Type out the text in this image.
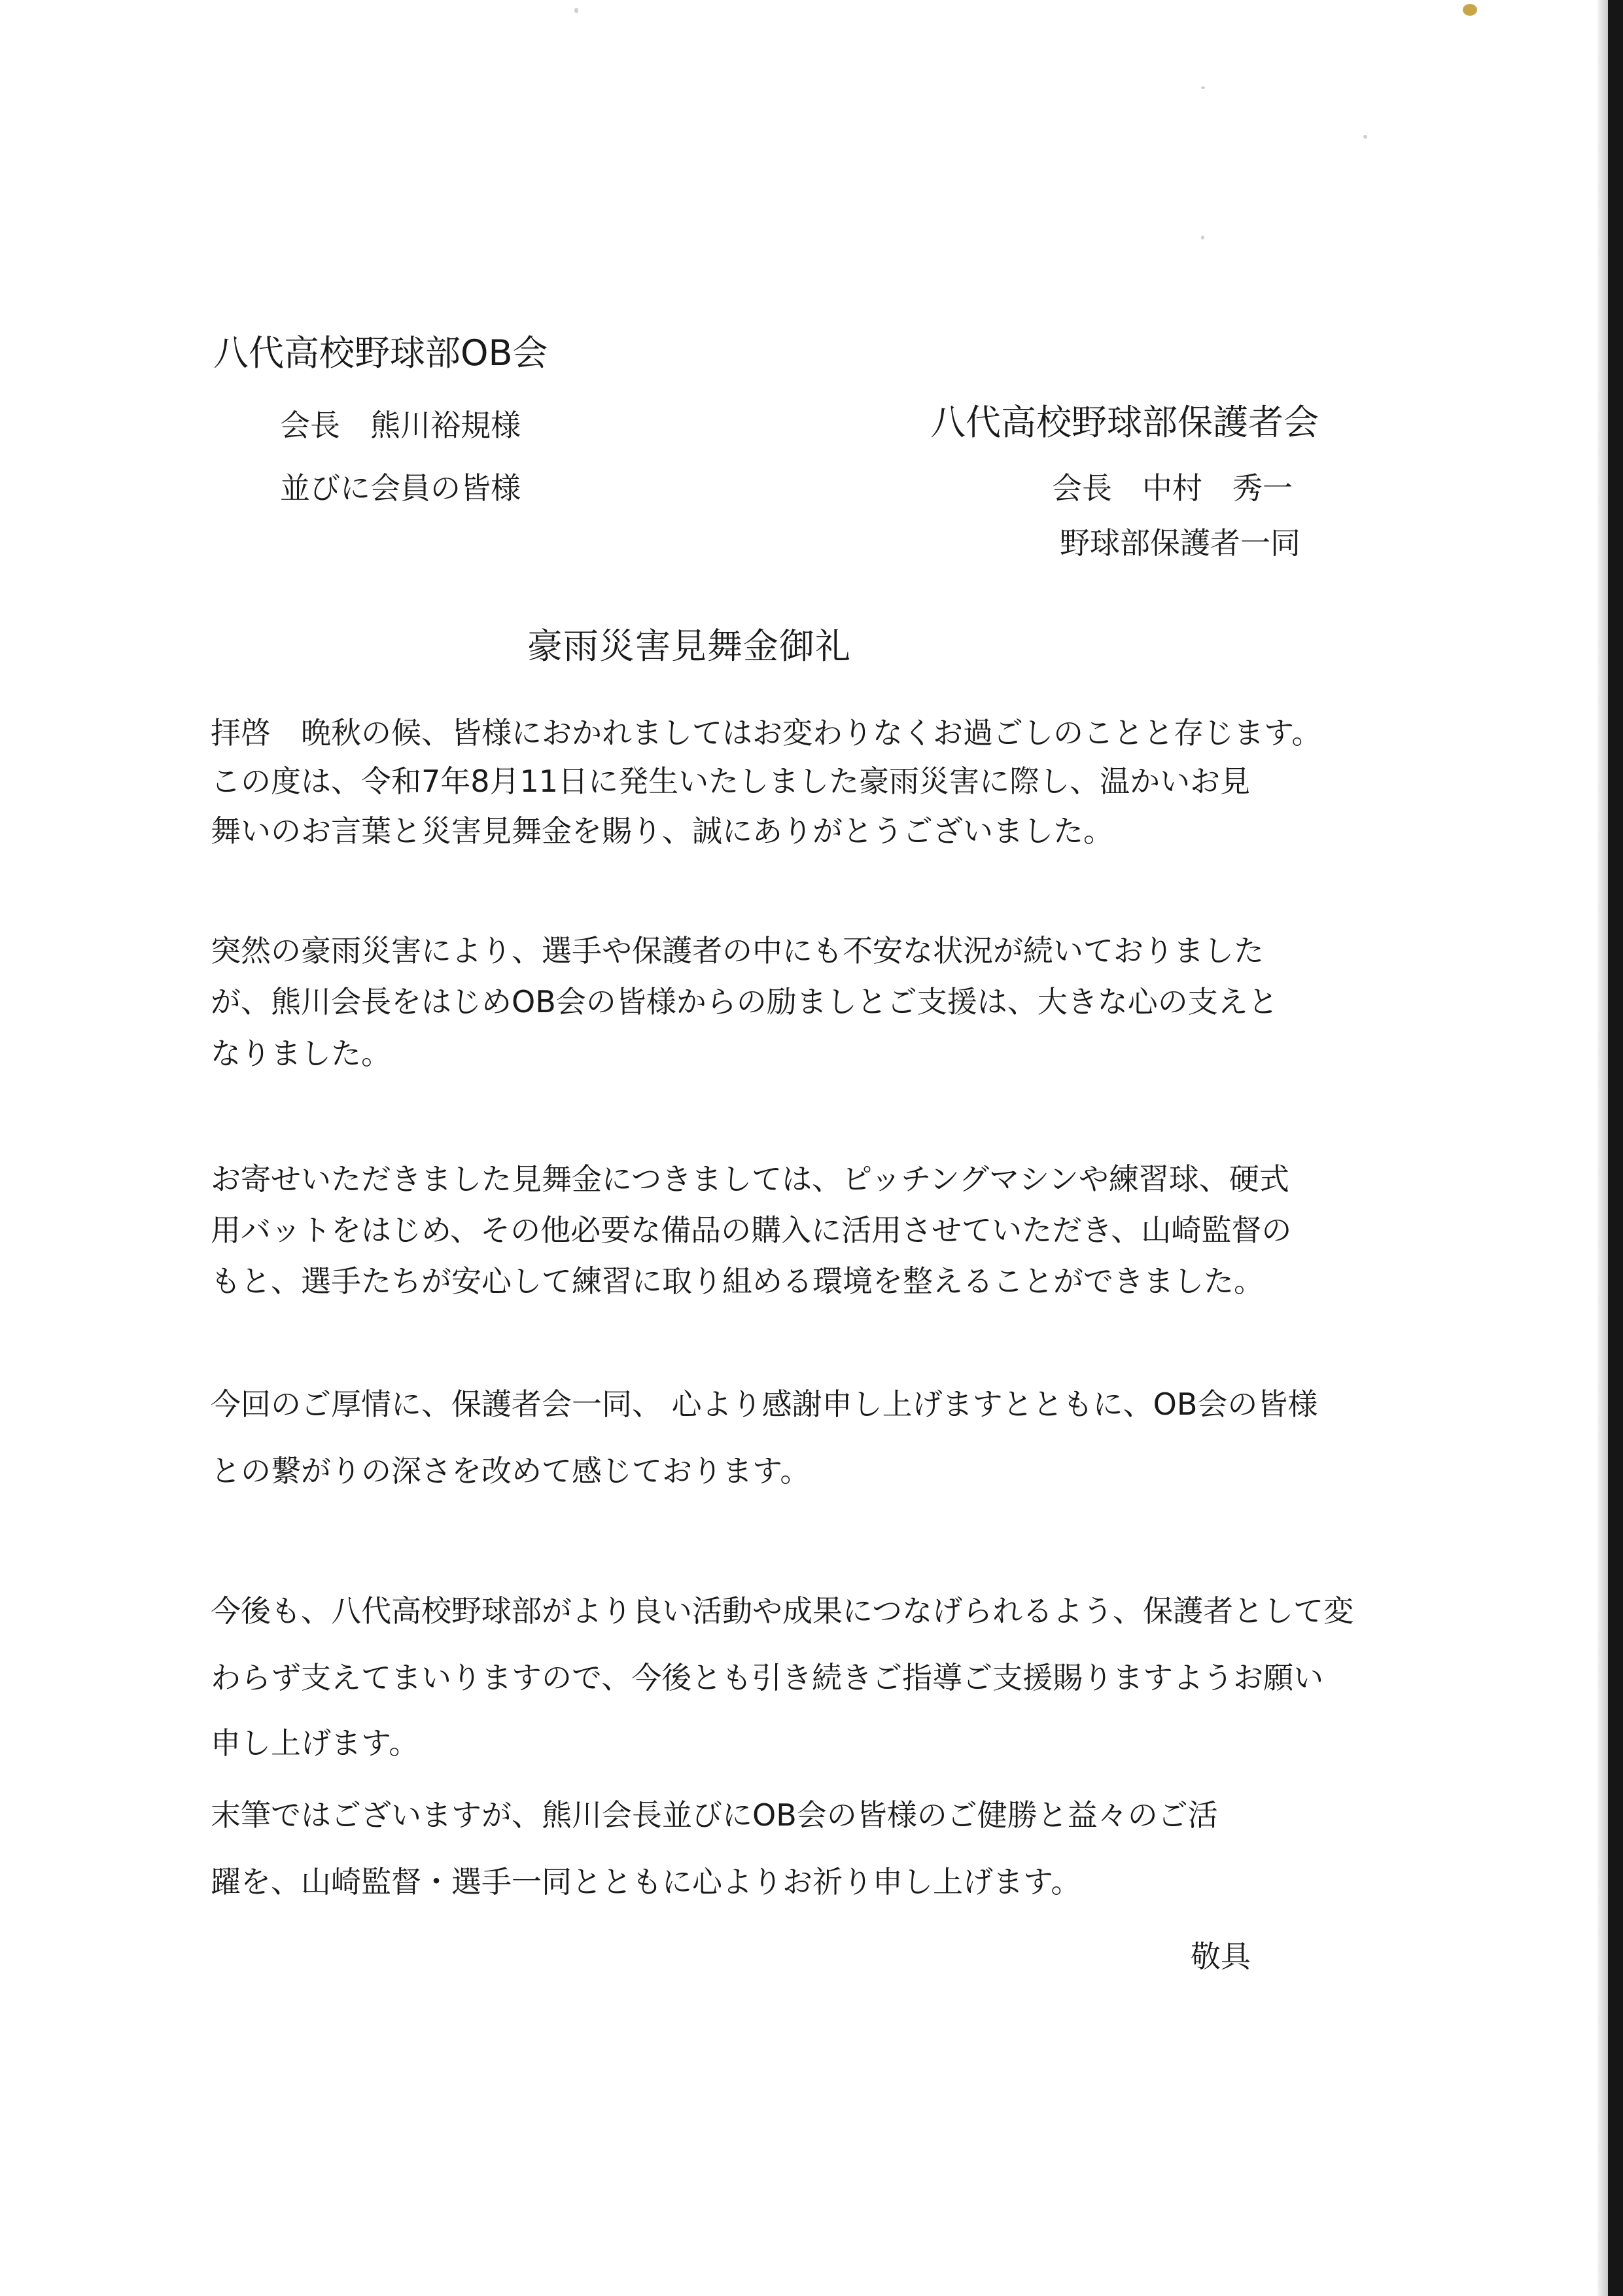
八代高校野球部OB会
会長　熊川裕規様
並びに会員の皆様
八代高校野球部保護者会
会長　中村　秀一
野球部保護者一同
豪雨災害見舞金御礼
拝啓　晩秋の候、皆様におかれましてはお変わりなくお過ごしのことと存じます。
この度は、令和7年8月11日に発生いたしました豪雨災害に際し、温かいお見
舞いのお言葉と災害見舞金を賜り、誠にありがとうございました。
突然の豪雨災害により、選手や保護者の中にも不安な状況が続いておりました
が、熊川会長をはじめOB会の皆様からの励ましとご支援は、大きな心の支えと
なりました。
お寄せいただきました見舞金につきましては、ピッチングマシンや練習球、硬式
用バットをはじめ、その他必要な備品の購入に活用させていただき、山崎監督の
もと、選手たちが安心して練習に取り組める環境を整えることができました。
今回のご厚情に、保護者会一同、 心より感謝申し上げますとともに、OB会の皆様
との繋がりの深さを改めて感じております。
今後も、八代高校野球部がより良い活動や成果につなげられるよう、保護者として変
わらず支えてまいりますので、今後とも引き続きご指導ご支援賜りますようお願い
申し上げます。
末筆ではございますが、熊川会長並びにOB会の皆様のご健勝と益々のご活
躍を、山崎監督・選手一同とともに心よりお祈り申し上げます。
敬具
